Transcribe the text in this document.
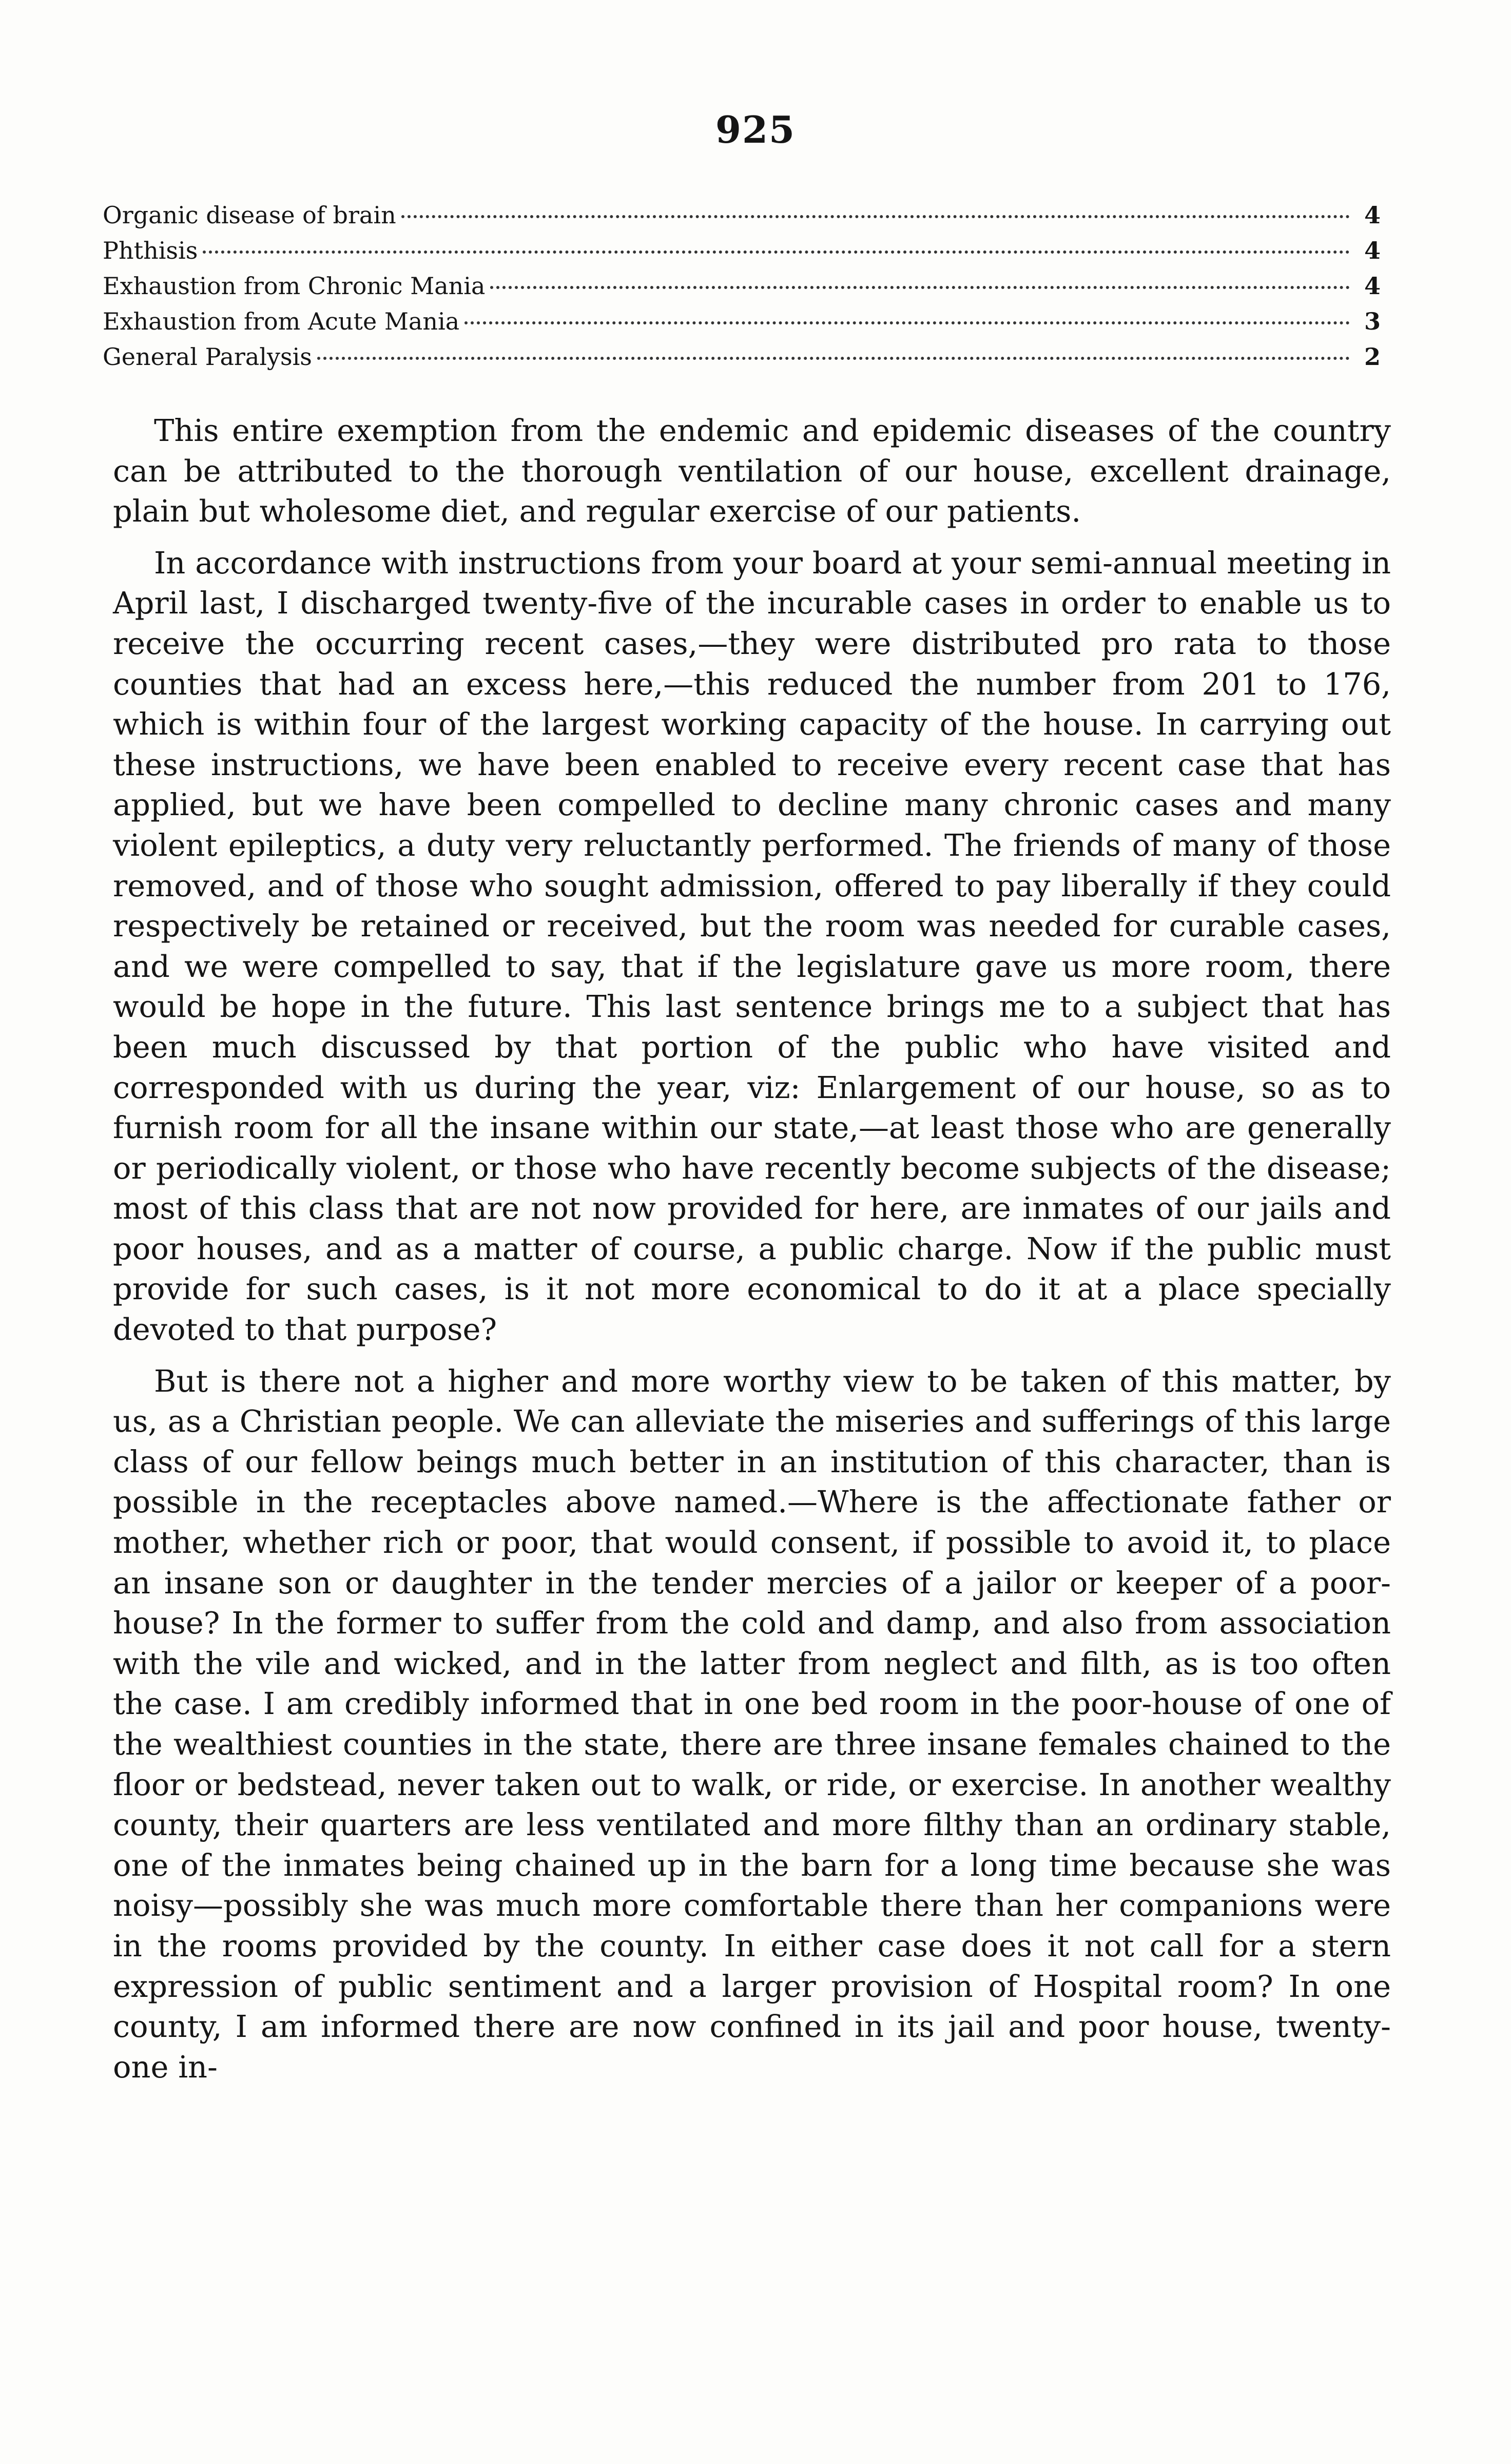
925
Organic disease of brain	4
Phthisis	4
Exhaustion from Chronic Mania	4
Exhaustion from Acute Mania	3
General Paralysis	2

This entire exemption from the endemic and epidemic diseases of the country can be attributed to the thorough ventilation of our house, excellent drainage, plain but wholesome diet, and regular exercise of our patients.

In accordance with instructions from your board at your semi-annual meeting in April last, I discharged twenty-five of the incurable cases in order to enable us to receive the occurring recent cases,—they were distributed pro rata to those counties that had an excess here,—this reduced the number from 201 to 176, which is within four of the largest working capacity of the house. In carrying out these instructions, we have been enabled to receive every recent case that has applied, but we have been compelled to decline many chronic cases and many violent epileptics, a duty very reluctantly performed. The friends of many of those removed, and of those who sought admission, offered to pay liberally if they could respectively be retained or received, but the room was needed for curable cases, and we were compelled to say, that if the legislature gave us more room, there would be hope in the future. This last sentence brings me to a subject that has been much discussed by that portion of the public who have visited and corresponded with us during the year, viz: Enlargement of our house, so as to furnish room for all the insane within our state,—at least those who are generally or periodically violent, or those who have recently become subjects of the disease; most of this class that are not now provided for here, are inmates of our jails and poor houses, and as a matter of course, a public charge. Now if the public must provide for such cases, is it not more economical to do it at a place specially devoted to that purpose?

But is there not a higher and more worthy view to be taken of this matter, by us, as a Christian people. We can alleviate the miseries and sufferings of this large class of our fellow beings much better in an institution of this character, than is possible in the receptacles above named.—Where is the affectionate father or mother, whether rich or poor, that would consent, if possible to avoid it, to place an insane son or daughter in the tender mercies of a jailor or keeper of a poor-house? In the former to suffer from the cold and damp, and also from association with the vile and wicked, and in the latter from neglect and filth, as is too often the case. I am credibly informed that in one bed room in the poor-house of one of the wealthiest counties in the state, there are three insane females chained to the floor or bedstead, never taken out to walk, or ride, or exercise. In another wealthy county, their quarters are less ventilated and more filthy than an ordinary stable, one of the inmates being chained up in the barn for a long time because she was noisy—possibly she was much more comfortable there than her companions were in the rooms provided by the county. In either case does it not call for a stern expression of public sentiment and a larger provision of Hospital room? In one county, I am informed there are now confined in its jail and poor house, twenty-one in-
